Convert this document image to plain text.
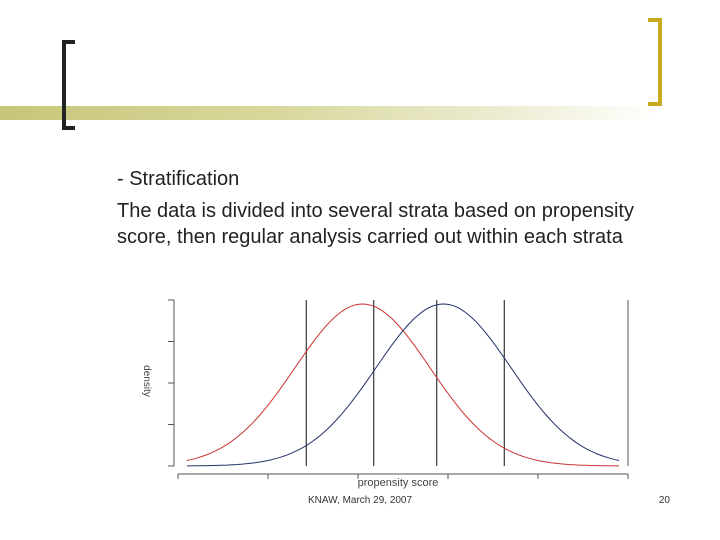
- Stratification

The data is divided into several strata based on propensity score, then regular analysis carried out within each strata

propensity score
density
KNAW, March 29, 2007	20
